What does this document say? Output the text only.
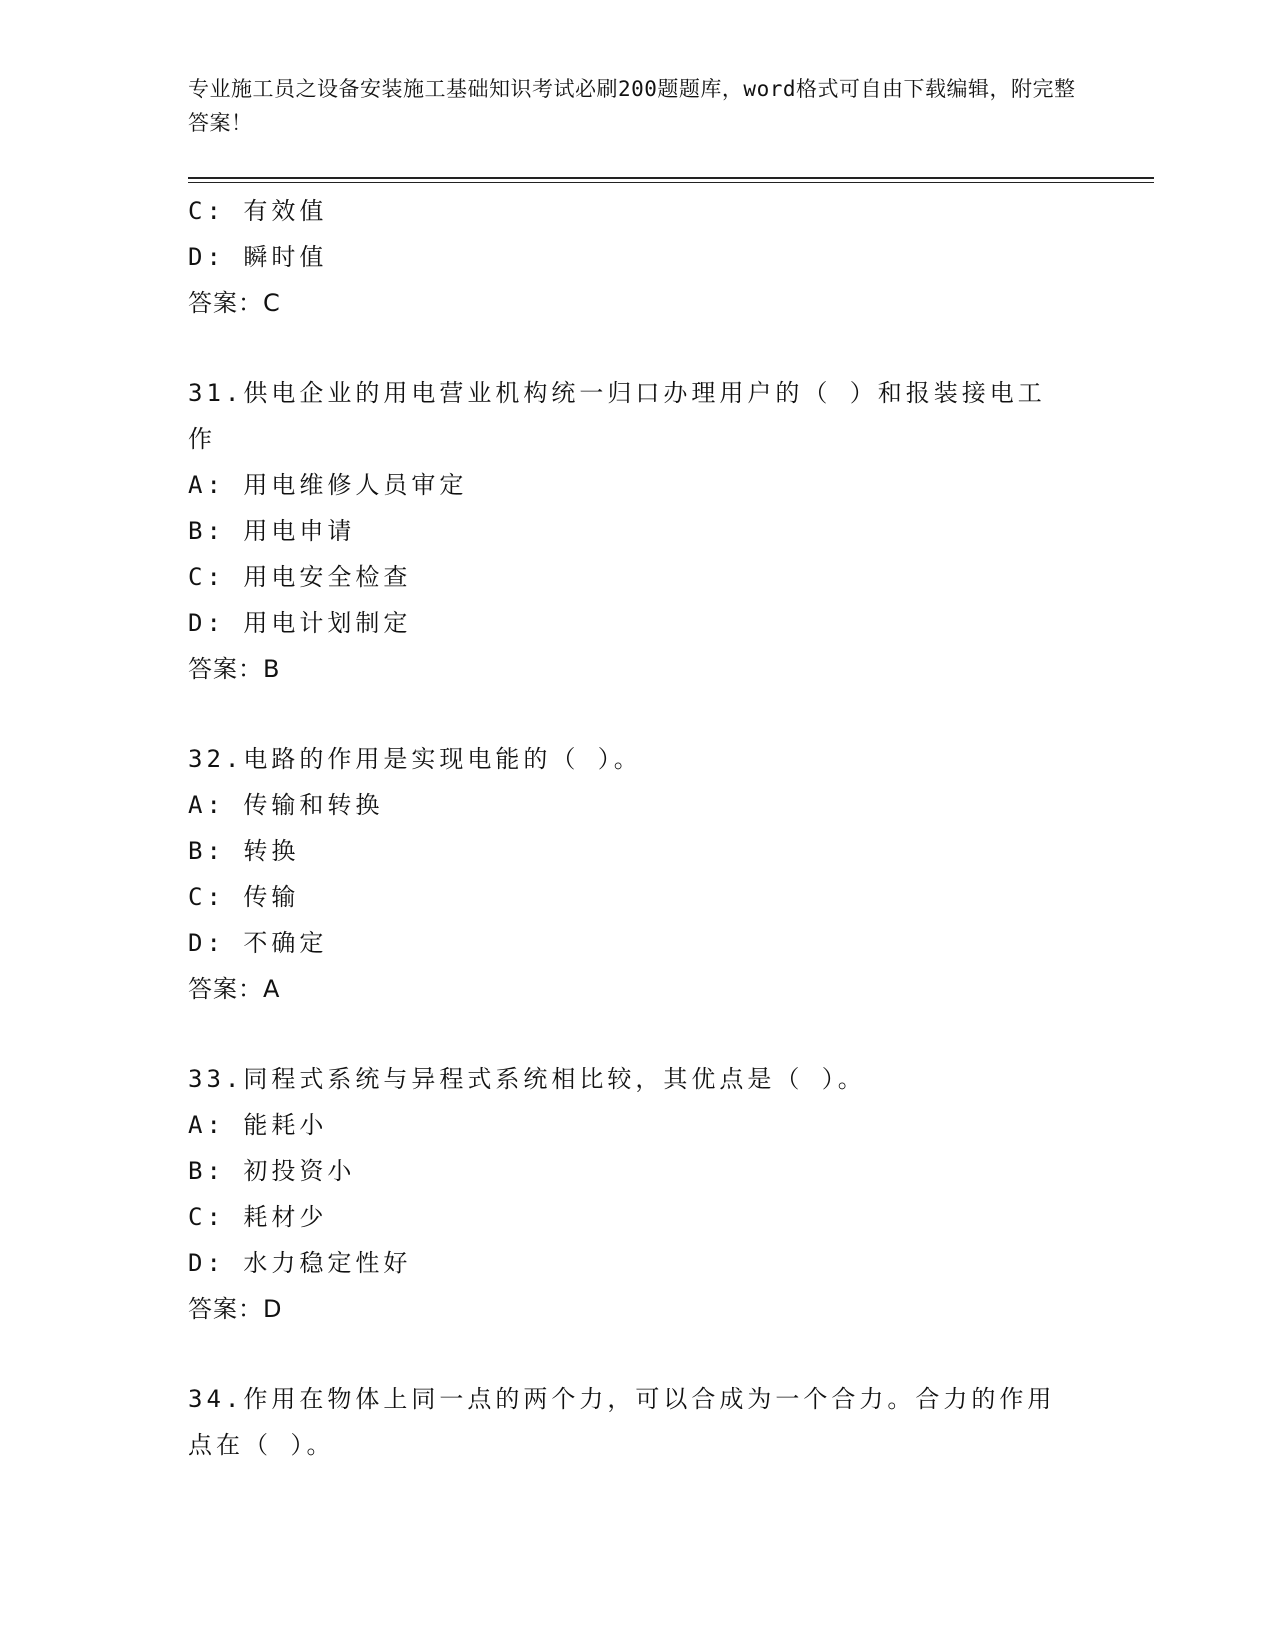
专业施工员之设备安装施工基础知识考试必刷200题题库，word格式可自由下载编辑，附完整答案！
C: 有效值
D: 瞬时值
答案：C
31.供电企业的用电营业机构统一归口办理用户的（ ）和报装接电工作
A: 用电维修人员审定
B: 用电申请
C: 用电安全检查
D: 用电计划制定
答案：B
32.电路的作用是实现电能的（ ）。
A: 传输和转换
B: 转换
C: 传输
D: 不确定
答案：A
33.同程式系统与异程式系统相比较，其优点是（ ）。
A: 能耗小
B: 初投资小
C: 耗材少
D: 水力稳定性好
答案：D
34.作用在物体上同一点的两个力，可以合成为一个合力。合力的作用点在（ ）。
